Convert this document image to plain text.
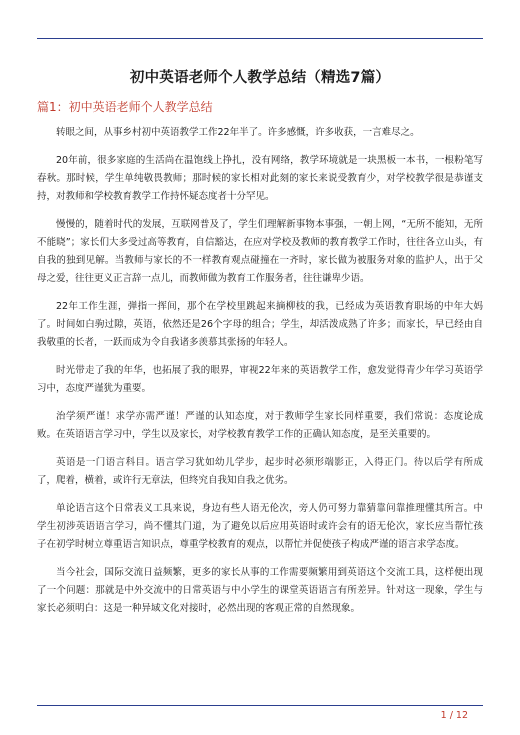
初中英语老师个人教学总结（精选7篇）
篇1：初中英语老师个人教学总结

转眼之间，从事乡村初中英语教学工作22年半了。许多感慨，许多收获，一言难尽之。

20年前，很多家庭的生活尚在温饱线上挣扎，没有网络，教学环境就是一块黑板一本书，一根粉笔写春秋。那时候，学生单纯敬畏教师；那时候的家长相对此刻的家长来说受教育少，对学校教学很是恭谨支持，对教师和学校教育教学工作持怀疑态度者十分罕见。

慢慢的，随着时代的发展，互联网普及了，学生们理解新事物本事强，一朝上网，“无所不能知，无所不能晓”；家长们大多受过高等教育，自信豁达，在应对学校及教师的教育教学工作时，往往各立山头，有自我的独到见解。当教师与家长的不一样教育观点碰撞在一齐时，家长做为被服务对象的监护人，出于父母之爱，往往更义正言辞一点儿，而教师做为教育工作服务者，往往谦卑少语。

22年工作生涯，弹指一挥间，那个在学校里跳起来摘柳枝的我，已经成为英语教育职场的中年大妈了。时间如白驹过隙，英语，依然还是26个字母的组合；学生，却活泼成熟了许多；而家长，早已经由自我敬重的长者，一跃而成为令自我诸多羡慕其张扬的年轻人。

时光带走了我的年华，也拓展了我的眼界，审视22年来的英语教学工作，愈发觉得青少年学习英语学习中，态度严谨犹为重要。

治学须严谨！求学亦需严谨！严谨的认知态度，对于教师学生家长同样重要，我们常说：态度论成败。在英语语言学习中，学生以及家长，对学校教育教学工作的正确认知态度，是至关重要的。

英语是一门语言科目。语言学习犹如幼儿学步，起步时必须形端影正，入得正门。待以后学有所成了，爬着，横着，或许行无章法，但终究自我知自我之优劣。

单论语言这个日常表义工具来说，身边有些人语无伦次，旁人仍可努力靠猜靠问靠推理懂其所言。中学生初涉英语语言学习，尚不懂其门道，为了避免以后应用英语时或许会有的语无伦次，家长应当帮忙孩子在初学时树立尊重语言知识点，尊重学校教育的观点，以帮忙并促使孩子构成严谨的语言求学态度。

当今社会，国际交流日益频繁，更多的家长从事的工作需要频繁用到英语这个交流工具，这样便出现了一个问题：那就是中外交流中的日常英语与中小学生的课堂英语语言有所差异。针对这一现象，学生与家长必须明白：这是一种异域文化对接时，必然出现的客观正常的自然现象。

1 / 12
